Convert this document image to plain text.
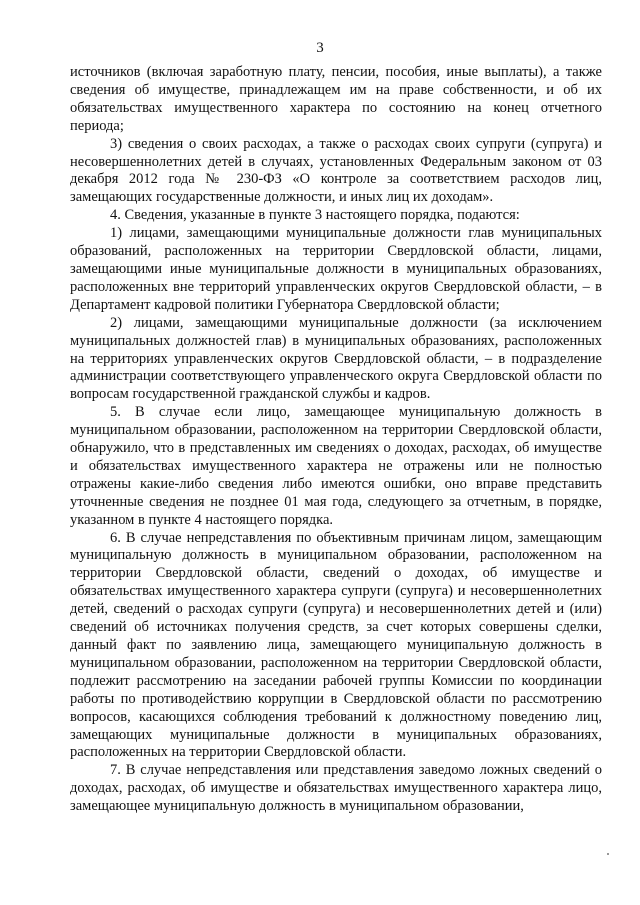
3

источников (включая заработную плату, пенсии, пособия, иные выплаты), а также сведения об имуществе, принадлежащем им на праве собственности, и об их обязательствах имущественного характера по состоянию на конец отчетного периода;

3) сведения о своих расходах, а также о расходах своих супруги (супруга) и несовершеннолетних детей в случаях, установленных Федеральным законом от 03 декабря 2012 года № 230-ФЗ «О контроле за соответствием расходов лиц, замещающих государственные должности, и иных лиц их доходам».

4. Сведения, указанные в пункте 3 настоящего порядка, подаются:

1) лицами, замещающими муниципальные должности глав муниципальных образований, расположенных на территории Свердловской области, лицами, замещающими иные муниципальные должности в муниципальных образованиях, расположенных вне территорий управленческих округов Свердловской области, – в Департамент кадровой политики Губернатора Свердловской области;

2) лицами, замещающими муниципальные должности (за исключением муниципальных должностей глав) в муниципальных образованиях, расположенных на территориях управленческих округов Свердловской области, – в подразделение администрации соответствующего управленческого округа Свердловской области по вопросам государственной гражданской службы и кадров.

5. В случае если лицо, замещающее муниципальную должность в муниципальном образовании, расположенном на территории Свердловской области, обнаружило, что в представленных им сведениях о доходах, расходах, об имуществе и обязательствах имущественного характера не отражены или не полностью отражены какие-либо сведения либо имеются ошибки, оно вправе представить уточненные сведения не позднее 01 мая года, следующего за отчетным, в порядке, указанном в пункте 4 настоящего порядка.

6. В случае непредставления по объективным причинам лицом, замещающим муниципальную должность в муниципальном образовании, расположенном на территории Свердловской области, сведений о доходах, об имуществе и обязательствах имущественного характера супруги (супруга) и несовершеннолетних детей, сведений о расходах супруги (супруга) и несовершеннолетних детей и (или) сведений об источниках получения средств, за счет которых совершены сделки, данный факт по заявлению лица, замещающего муниципальную должность в муниципальном образовании, расположенном на территории Свердловской области, подлежит рассмотрению на заседании рабочей группы Комиссии по координации работы по противодействию коррупции в Свердловской области по рассмотрению вопросов, касающихся соблюдения требований к должностному поведению лиц, замещающих муниципальные должности в муниципальных образованиях, расположенных на территории Свердловской области.

7. В случае непредставления или представления заведомо ложных сведений о доходах, расходах, об имуществе и обязательствах имущественного характера лицо, замещающее муниципальную должность в муниципальном образовании,
